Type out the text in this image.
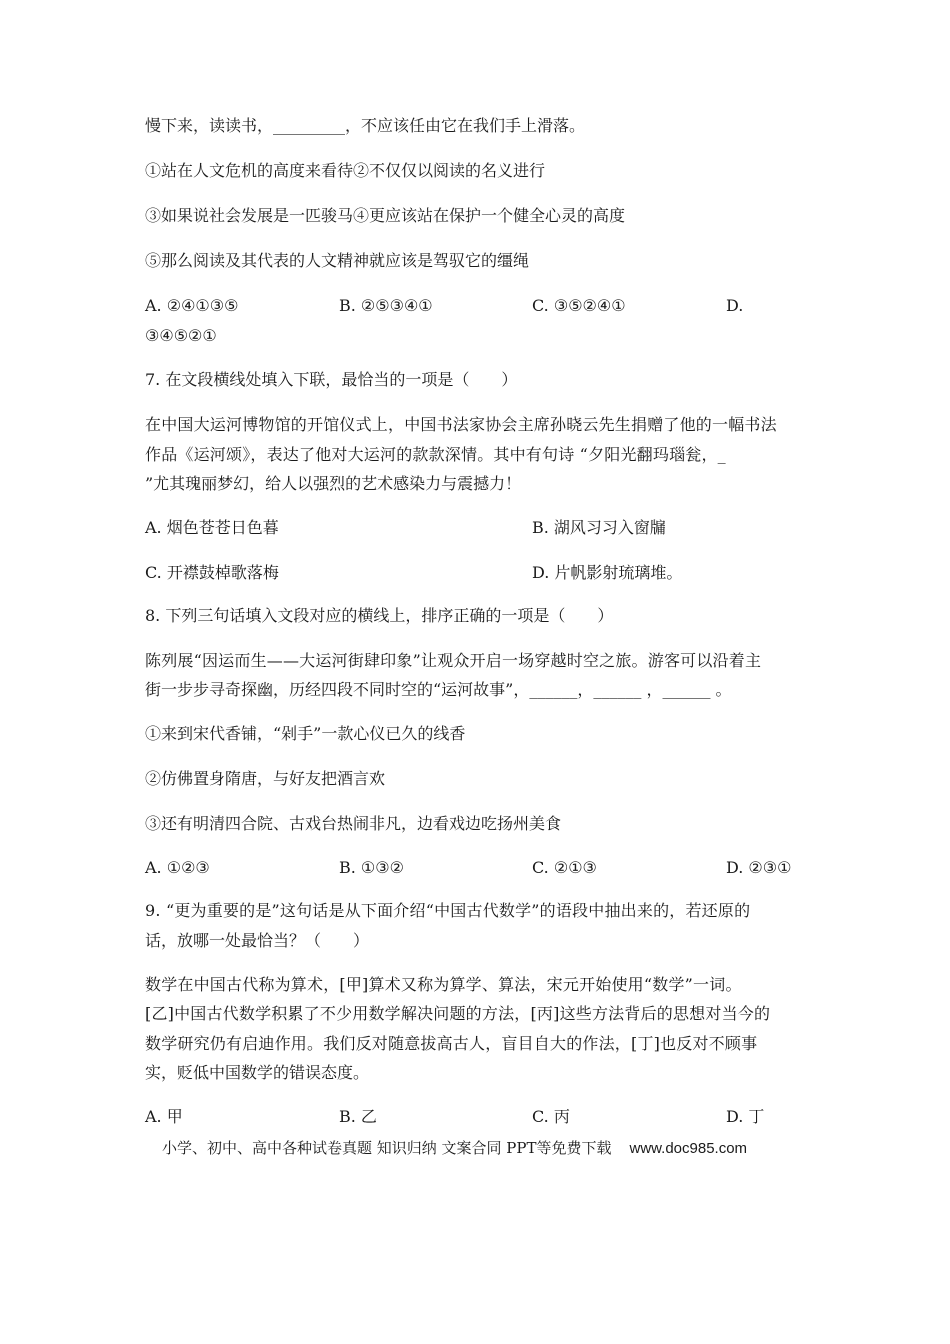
慢下来，读读书，_________，不应该任由它在我们手上滑落。
①站在人文危机的高度来看待②不仅仅以阅读的名义进行
③如果说社会发展是一匹骏马④更应该站在保护一个健全心灵的高度
⑤那么阅读及其代表的人文精神就应该是驾驭它的缰绳
A. ②④①③⑤	B. ②⑤③④①	C. ③⑤②④①	D.
③④⑤②①
7. 在文段横线处填入下联，最恰当的一项是（　　）
在中国大运河博物馆的开馆仪式上，中国书法家协会主席孙晓云先生捐赠了他的一幅书法
作品《运河颂》，表达了他对大运河的款款深情。其中有句诗 “夕阳光翻玛瑙瓮，_
”尤其瑰丽梦幻，给人以强烈的艺术感染力与震撼力！
A. 烟色苍苍日色暮	B. 湖风习习入窗牖
C. 开襟鼓棹歌落梅	D. 片帆影射琉璃堆。
8. 下列三句话填入文段对应的横线上，排序正确的一项是（　　）
陈列展“因运而生——大运河街肆印象”让观众开启一场穿越时空之旅。游客可以沿着主
街一步步寻奇探幽，历经四段不同时空的“运河故事”，______，______ ，______ 。
①来到宋代香铺，“剁手”一款心仪已久的线香
②仿佛置身隋唐，与好友把酒言欢
③还有明清四合院、古戏台热闹非凡，边看戏边吃扬州美食
A. ①②③	B. ①③②	C. ②①③	D. ②③①
9. “更为重要的是”这句话是从下面介绍“中国古代数学”的语段中抽出来的，若还原的
话，放哪一处最恰当？（　　）
数学在中国古代称为算术，[甲]算术又称为算学、算法，宋元开始使用“数学”一词。
[乙]中国古代数学积累了不少用数学解决问题的方法，[丙]这些方法背后的思想对当今的
数学研究仍有启迪作用。我们反对随意拔高古人，盲目自大的作法，[丁]也反对不顾事
实，贬低中国数学的错误态度。
A. 甲	B. 乙	C. 丙	D. 丁
小学、初中、高中各种试卷真题 知识归纳 文案合同 PPT等免费下载 www.doc985.com
